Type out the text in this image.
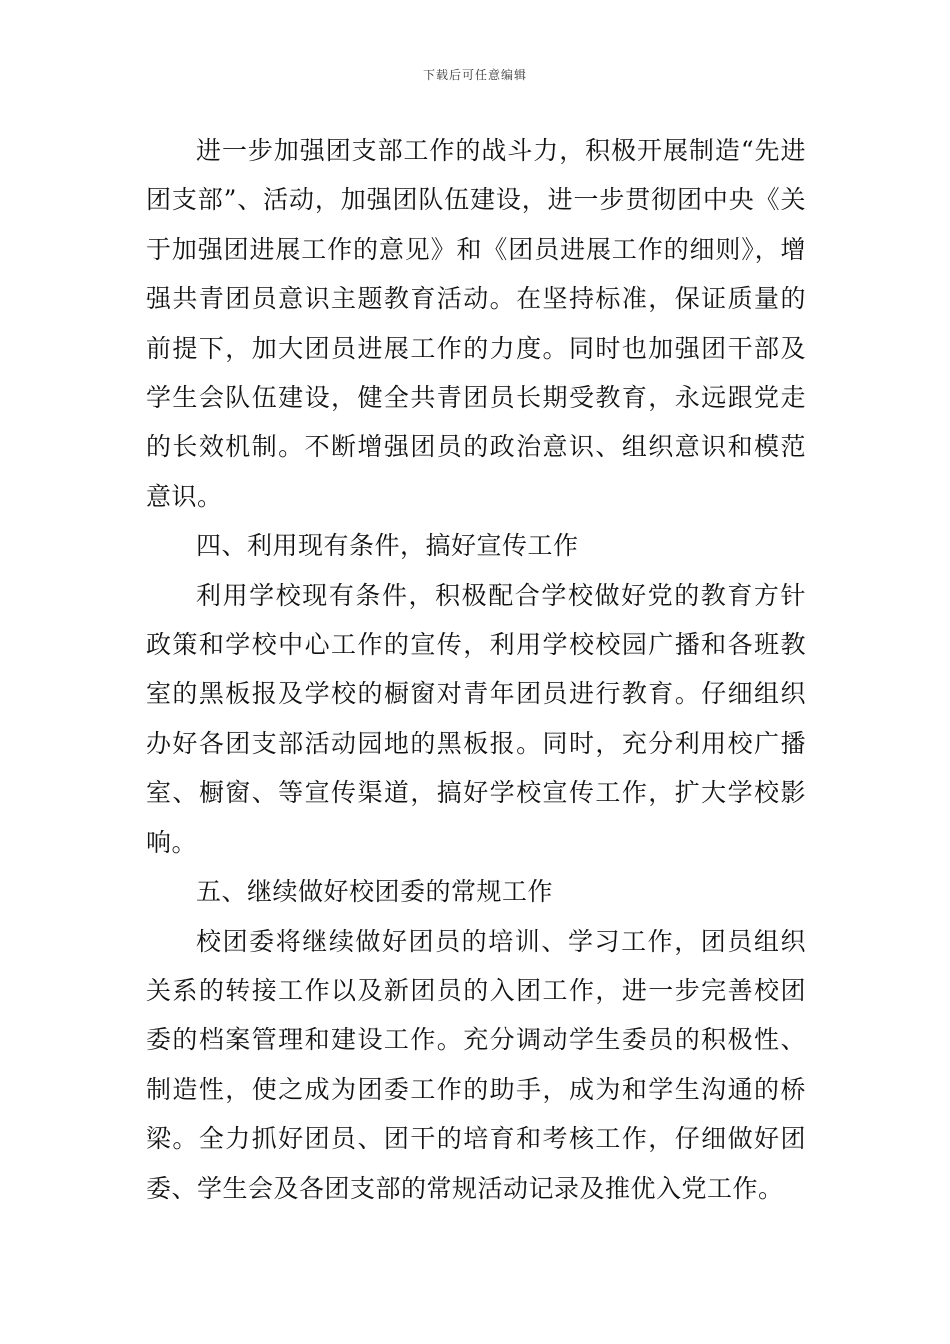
下载后可任意编辑

进一步加强团支部工作的战斗力，积极开展制造“先进团支部”、活动，加强团队伍建设，进一步贯彻团中央《关于加强团进展工作的意见》和《团员进展工作的细则》，增强共青团员意识主题教育活动。在坚持标准，保证质量的前提下，加大团员进展工作的力度。同时也加强团干部及学生会队伍建设，健全共青团员长期受教育，永远跟党走的长效机制。不断增强团员的政治意识、组织意识和模范意识。

四、利用现有条件，搞好宣传工作

利用学校现有条件，积极配合学校做好党的教育方针政策和学校中心工作的宣传，利用学校校园广播和各班教室的黑板报及学校的橱窗对青年团员进行教育。仔细组织办好各团支部活动园地的黑板报。同时，充分利用校广播室、橱窗、等宣传渠道，搞好学校宣传工作，扩大学校影响。

五、继续做好校团委的常规工作

校团委将继续做好团员的培训、学习工作，团员组织关系的转接工作以及新团员的入团工作，进一步完善校团委的档案管理和建设工作。充分调动学生委员的积极性、制造性，使之成为团委工作的助手，成为和学生沟通的桥梁。全力抓好团员、团干的培育和考核工作，仔细做好团委、学生会及各团支部的常规活动记录及推优入党工作。
